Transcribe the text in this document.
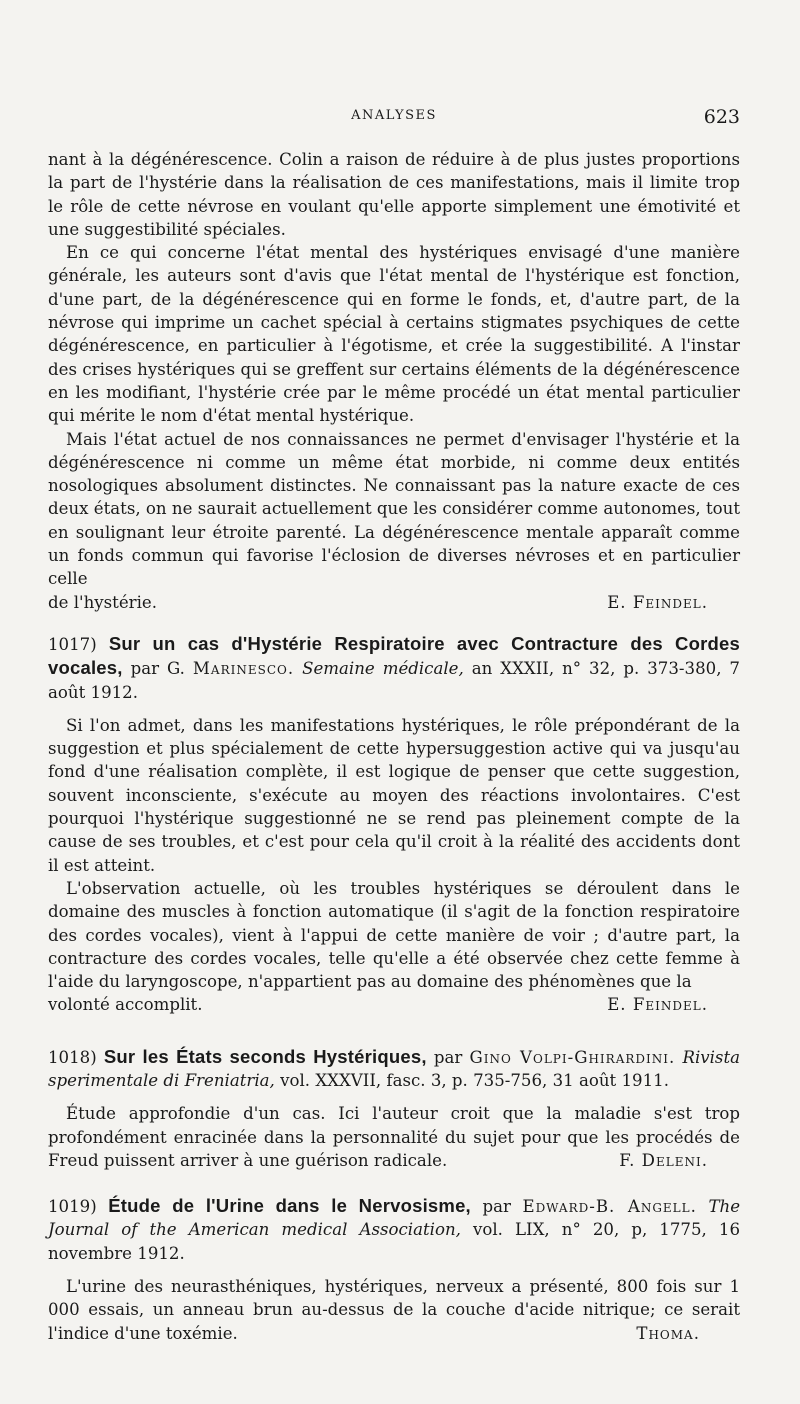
ANALYSES	623

nant à la dégénérescence. Colin a raison de réduire à de plus justes proportions la part de l'hystérie dans la réalisation de ces manifestations, mais il limite trop le rôle de cette névrose en voulant qu'elle apporte simplement une émotivité et une suggestibilité spéciales.

En ce qui concerne l'état mental des hystériques envisagé d'une manière générale, les auteurs sont d'avis que l'état mental de l'hystérique est fonction, d'une part, de la dégénérescence qui en forme le fonds, et, d'autre part, de la névrose qui imprime un cachet spécial à certains stigmates psychiques de cette dégénérescence, en particulier à l'égotisme, et crée la suggestibilité. A l'instar des crises hystériques qui se greffent sur certains éléments de la dégénérescence en les modifiant, l'hystérie crée par le même procédé un état mental particulier qui mérite le nom d'état mental hystérique.

Mais l'état actuel de nos connaissances ne permet d'envisager l'hystérie et la dégénérescence ni comme un même état morbide, ni comme deux entités nosologiques absolument distinctes. Ne connaissant pas la nature exacte de ces deux états, on ne saurait actuellement que les considérer comme autonomes, tout en soulignant leur étroite parenté. La dégénérescence mentale apparaît comme un fonds commun qui favorise l'éclosion de diverses névroses et en particulier celle

de l'hystérie.	E. Feindel.

1017) Sur un cas d'Hystérie Respiratoire avec Contracture des Cordes vocales, par G. Marinesco. Semaine médicale, an XXXII, n° 32, p. 373-380, 7 août 1912.

Si l'on admet, dans les manifestations hystériques, le rôle prépondérant de la suggestion et plus spécialement de cette hypersuggestion active qui va jusqu'au fond d'une réalisation complète, il est logique de penser que cette suggestion, souvent inconsciente, s'exécute au moyen des réactions involontaires. C'est pourquoi l'hystérique suggestionné ne se rend pas pleinement compte de la cause de ses troubles, et c'est pour cela qu'il croit à la réalité des accidents dont il est atteint.

L'observation actuelle, où les troubles hystériques se déroulent dans le domaine des muscles à fonction automatique (il s'agit de la fonction respiratoire des cordes vocales), vient à l'appui de cette manière de voir ; d'autre part, la contracture des cordes vocales, telle qu'elle a été observée chez cette femme à l'aide du laryngoscope, n'appartient pas au domaine des phénomènes que la

volonté accomplit.	E. Feindel.

1018) Sur les États seconds Hystériques, par Gino Volpi-Ghirardini. Rivista sperimentale di Freniatria, vol. XXXVII, fasc. 3, p. 735-756, 31 août 1911.

Étude approfondie d'un cas. Ici l'auteur croit que la maladie s'est trop profondément enracinée dans la personnalité du sujet pour que les procédés de Freud puissent arriver à une guérison radicale.	F. Deleni.

1019) Étude de l'Urine dans le Nervosisme, par Edward-B. Angell. The Journal of the American medical Association, vol. LIX, n° 20, p, 1775, 16 novembre 1912.

L'urine des neurasthéniques, hystériques, nerveux a présenté, 800 fois sur 1 000 essais, un anneau brun au-dessus de la couche d'acide nitrique; ce serait l'indice d'une toxémie.	Thoma.
